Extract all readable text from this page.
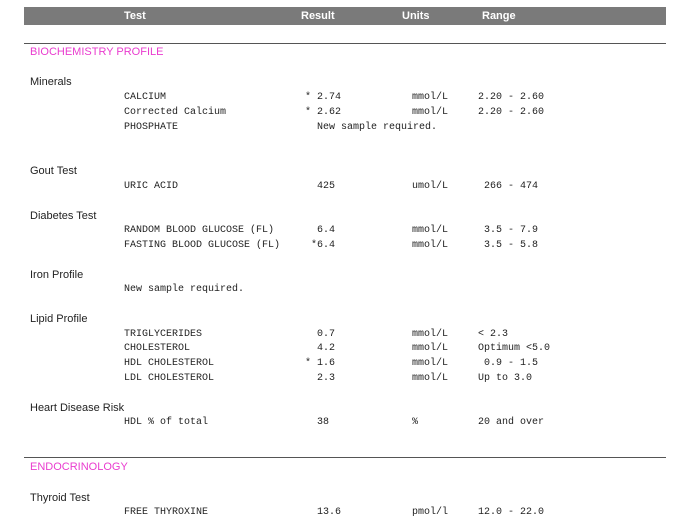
Test	Result	Units	Range
BIOCHEMISTRY PROFILE
Minerals
CALCIUM	* 2.74	mmol/L	2.20 - 2.60
Corrected Calcium	* 2.62	mmol/L	2.20 - 2.60
PHOSPHATE	New sample required.
Gout Test
URIC ACID	425	umol/L	266 - 474
Diabetes Test
RANDOM BLOOD GLUCOSE (FL)	6.4	mmol/L	3.5 - 7.9
FASTING BLOOD GLUCOSE (FL)	*6.4	mmol/L	3.5 - 5.8
Iron Profile
New sample required.
Lipid Profile
TRIGLYCERIDES	0.7	mmol/L	< 2.3
CHOLESTEROL	4.2	mmol/L	Optimum <5.0
HDL CHOLESTEROL	* 1.6	mmol/L	0.9 - 1.5
LDL CHOLESTEROL	2.3	mmol/L	Up to 3.0
Heart Disease Risk
HDL % of total	38	%	20 and over
ENDOCRINOLOGY
Thyroid Test
FREE THYROXINE	13.6	pmol/l	12.0 - 22.0
